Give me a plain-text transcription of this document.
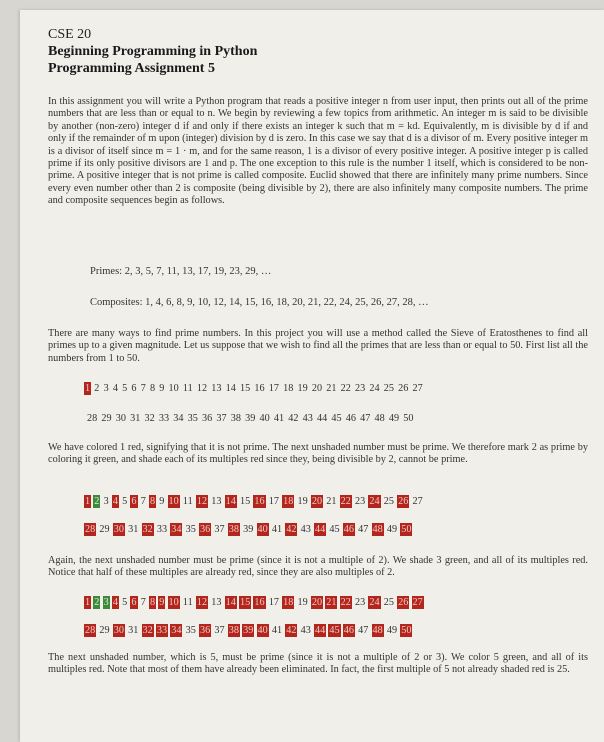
CSE 20
Beginning Programming in Python
Programming Assignment 5
In this assignment you will write a Python program that reads a positive integer n from user input, then prints out all of the prime numbers that are less than or equal to n. We begin by reviewing a few topics from arithmetic. An integer m is said to be divisible by another (non-zero) integer d if and only if there exists an integer k such that m = kd. Equivalently, m is divisible by d if and only if the remainder of m upon (integer) division by d is zero. In this case we say that d is a divisor of m. Every positive integer m is a divisor of itself since m = 1 · m, and for the same reason, 1 is a divisor of every positive integer. A positive integer p is called prime if its only positive divisors are 1 and p. The one exception to this rule is the number 1 itself, which is considered to be non-prime. A positive integer that is not prime is called composite. Euclid showed that there are infinitely many prime numbers. Since every even number other than 2 is composite (being divisible by 2), there are also infinitely many composite numbers. The prime and composite sequences begin as follows.
Primes: 2, 3, 5, 7, 11, 13, 17, 19, 23, 29, …
Composites: 1, 4, 6, 8, 9, 10, 12, 14, 15, 16, 18, 20, 21, 22, 24, 25, 26, 27, 28, …
There are many ways to find prime numbers. In this project you will use a method called the Sieve of Eratosthenes to find all primes up to a given magnitude. Let us suppose that we wish to find all the primes that are less than or equal to 50. First list all the numbers from 1 to 50.
1 2 3 4 5 6 7 8 9 10 11 12 13 14 15 16 17 18 19 20 21 22 23 24 25 26 27
28 29 30 31 32 33 34 35 36 37 38 39 40 41 42 43 44 45 46 47 48 49 50
We have colored 1 red, signifying that it is not prime. The next unshaded number must be prime. We therefore mark 2 as prime by coloring it green, and shade each of its multiples red since they, being divisible by 2, cannot be prime.
1 2 3 4 5 6 7 8 9 10 11 12 13 14 15 16 17 18 19 20 21 22 23 24 25 26 27
28 29 30 31 32 33 34 35 36 37 38 39 40 41 42 43 44 45 46 47 48 49 50
Again, the next unshaded number must be prime (since it is not a multiple of 2). We shade 3 green, and all of its multiples red. Notice that half of these multiples are already red, since they are also multiples of 2.
1 2 3 4 5 6 7 8 9 10 11 12 13 14 15 16 17 18 19 20 21 22 23 24 25 26 27
28 29 30 31 32 33 34 35 36 37 38 39 40 41 42 43 44 45 46 47 48 49 50
The next unshaded number, which is 5, must be prime (since it is not a multiple of 2 or 3). We color 5 green, and all of its multiples red. Note that most of them have already been eliminated. In fact, the first multiple of 5 not already shaded red is 25.
